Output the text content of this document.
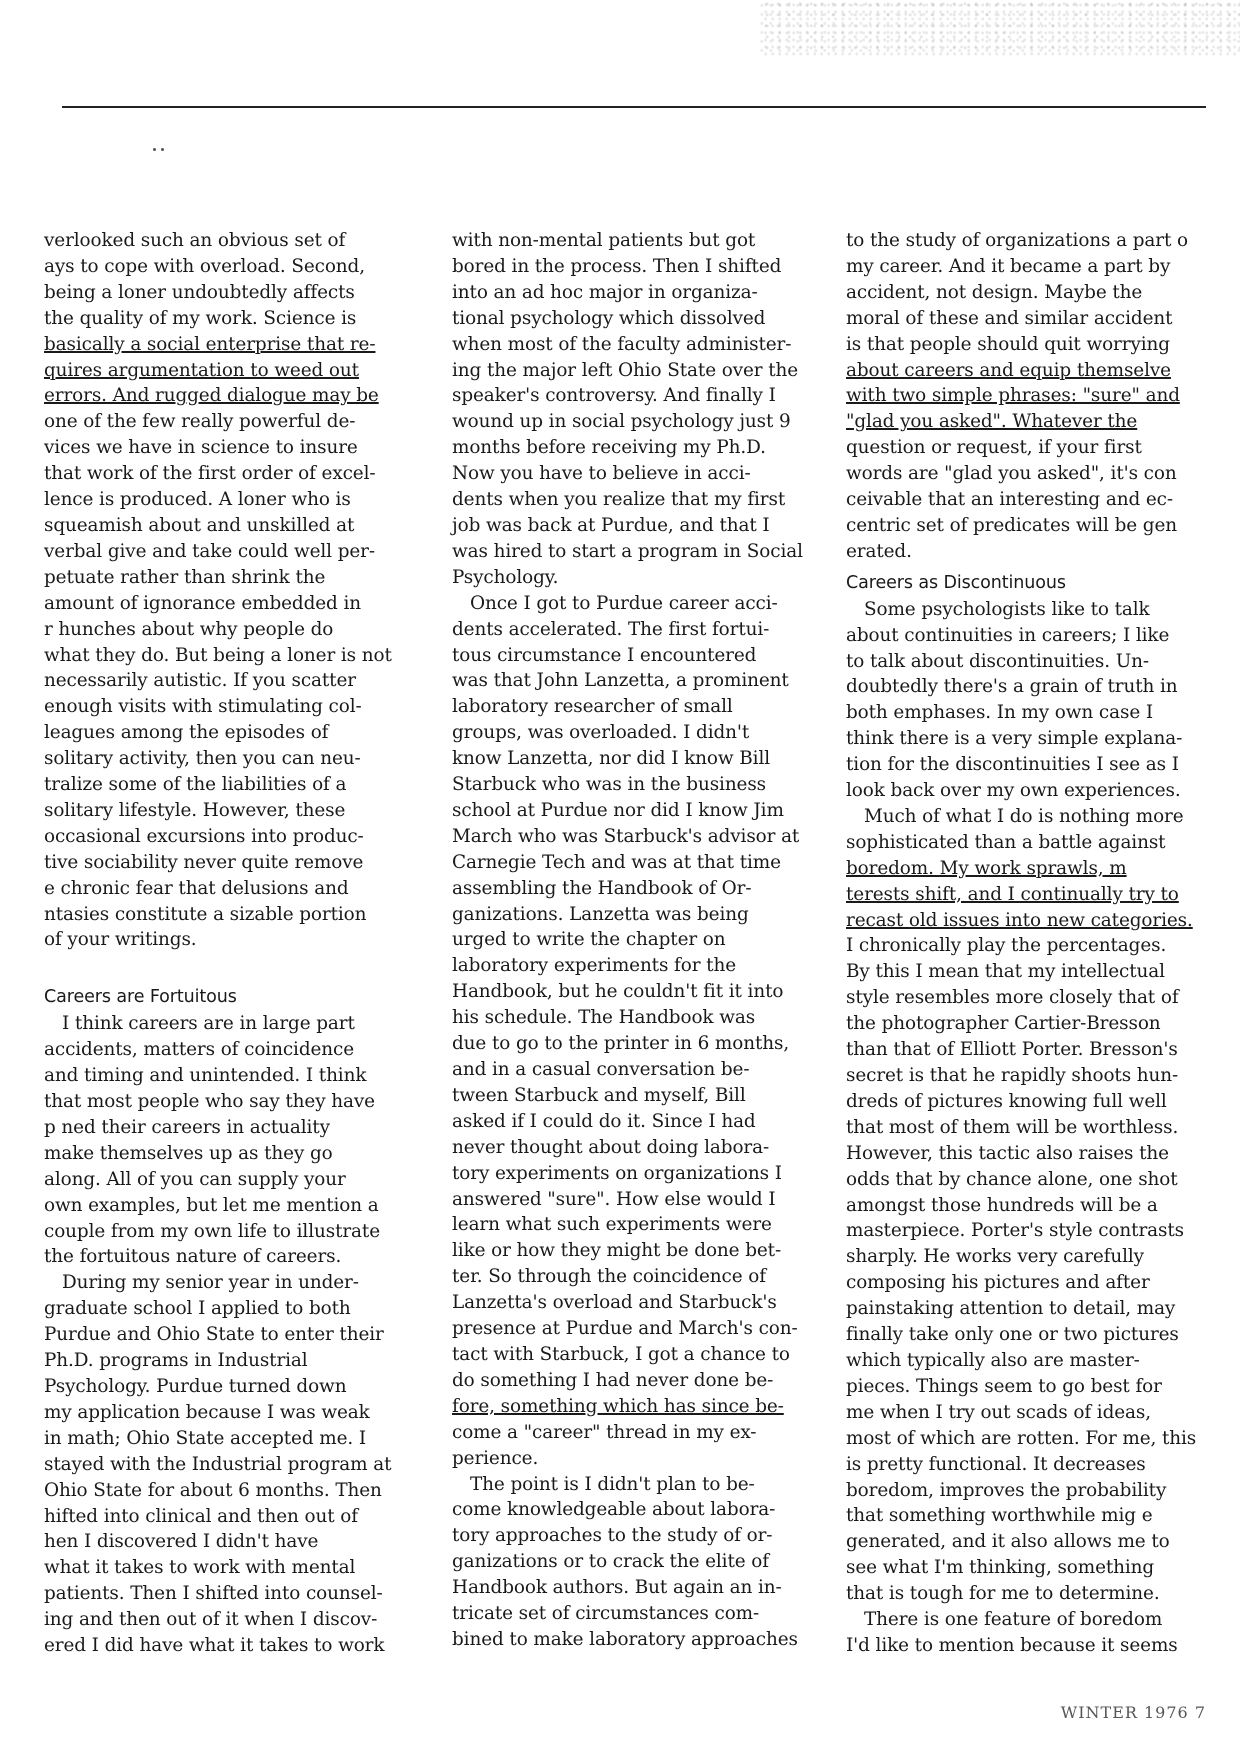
verlooked such an obvious set of
ays to cope with overload. Second,
being a loner undoubtedly affects
the quality of my work. Science is
basically a social enterprise that re-
quires argumentation to weed out
errors. And rugged dialogue may be
one of the few really powerful de-
vices we have in science to insure
that work of the first order of excel-
lence is produced. A loner who is
squeamish about and unskilled at
verbal give and take could well per-
petuate rather than shrink the
amount of ignorance embedded in
r hunches about why people do
what they do. But being a loner is not
necessarily autistic. If you scatter
enough visits with stimulating col-
leagues among the episodes of
solitary activity, then you can neu-
tralize some of the liabilities of a
solitary lifestyle. However, these
occasional excursions into produc-
tive sociability never quite remove
e chronic fear that delusions and
ntasies constitute a sizable portion
of your writings.
Careers are Fortuitous
I think careers are in large part
accidents, matters of coincidence
and timing and unintended. I think
that most people who say they have
p ned their careers in actuality
make themselves up as they go
along. All of you can supply your
own examples, but let me mention a
couple from my own life to illustrate
the fortuitous nature of careers.
During my senior year in under-
graduate school I applied to both
Purdue and Ohio State to enter their
Ph.D. programs in Industrial
Psychology. Purdue turned down
my application because I was weak
in math; Ohio State accepted me. I
stayed with the Industrial program at
Ohio State for about 6 months. Then
hifted into clinical and then out of
hen I discovered I didn't have
what it takes to work with mental
patients. Then I shifted into counsel-
ing and then out of it when I discov-
ered I did have what it takes to work
with non-mental patients but got
bored in the process. Then I shifted
into an ad hoc major in organiza-
tional psychology which dissolved
when most of the faculty administer-
ing the major left Ohio State over the
speaker's controversy. And finally I
wound up in social psychology just 9
months before receiving my Ph.D.
Now you have to believe in acci-
dents when you realize that my first
job was back at Purdue, and that I
was hired to start a program in Social
Psychology.
Once I got to Purdue career acci-
dents accelerated. The first fortui-
tous circumstance I encountered
was that John Lanzetta, a prominent
laboratory researcher of small
groups, was overloaded. I didn't
know Lanzetta, nor did I know Bill
Starbuck who was in the business
school at Purdue nor did I know Jim
March who was Starbuck's advisor at
Carnegie Tech and was at that time
assembling the Handbook of Or-
ganizations. Lanzetta was being
urged to write the chapter on
laboratory experiments for the
Handbook, but he couldn't fit it into
his schedule. The Handbook was
due to go to the printer in 6 months,
and in a casual conversation be-
tween Starbuck and myself, Bill
asked if I could do it. Since I had
never thought about doing labora-
tory experiments on organizations I
answered "sure". How else would I
learn what such experiments were
like or how they might be done bet-
ter. So through the coincidence of
Lanzetta's overload and Starbuck's
presence at Purdue and March's con-
tact with Starbuck, I got a chance to
do something I had never done be-
fore, something which has since be-
come a "career" thread in my ex-
perience.
The point is I didn't plan to be-
come knowledgeable about labora-
tory approaches to the study of or-
ganizations or to crack the elite of
Handbook authors. But again an in-
tricate set of circumstances com-
bined to make laboratory approaches
to the study of organizations a part o
my career. And it became a part by
accident, not design. Maybe the
moral of these and similar accident
is that people should quit worrying
about careers and equip themselve
with two simple phrases: "sure" and
"glad you asked". Whatever the
question or request, if your first
words are "glad you asked", it's con
ceivable that an interesting and ec-
centric set of predicates will be gen
erated.
Careers as Discontinuous
Some psychologists like to talk
about continuities in careers; I like
to talk about discontinuities. Un-
doubtedly there's a grain of truth in
both emphases. In my own case I
think there is a very simple explana-
tion for the discontinuities I see as I
look back over my own experiences.
Much of what I do is nothing more
sophisticated than a battle against
boredom. My work sprawls, m
terests shift, and I continually try to
recast old issues into new categories.
I chronically play the percentages.
By this I mean that my intellectual
style resembles more closely that of
the photographer Cartier-Bresson
than that of Elliott Porter. Bresson's
secret is that he rapidly shoots hun-
dreds of pictures knowing full well
that most of them will be worthless.
However, this tactic also raises the
odds that by chance alone, one shot
amongst those hundreds will be a
masterpiece. Porter's style contrasts
sharply. He works very carefully
composing his pictures and after
painstaking attention to detail, may
finally take only one or two pictures
which typically also are master-
pieces. Things seem to go best for
me when I try out scads of ideas,
most of which are rotten. For me, this
is pretty functional. It decreases
boredom, improves the probability
that something worthwhile mig e
generated, and it also allows me to
see what I'm thinking, something
that is tough for me to determine.
There is one feature of boredom
I'd like to mention because it seems
WINTER 1976 7
